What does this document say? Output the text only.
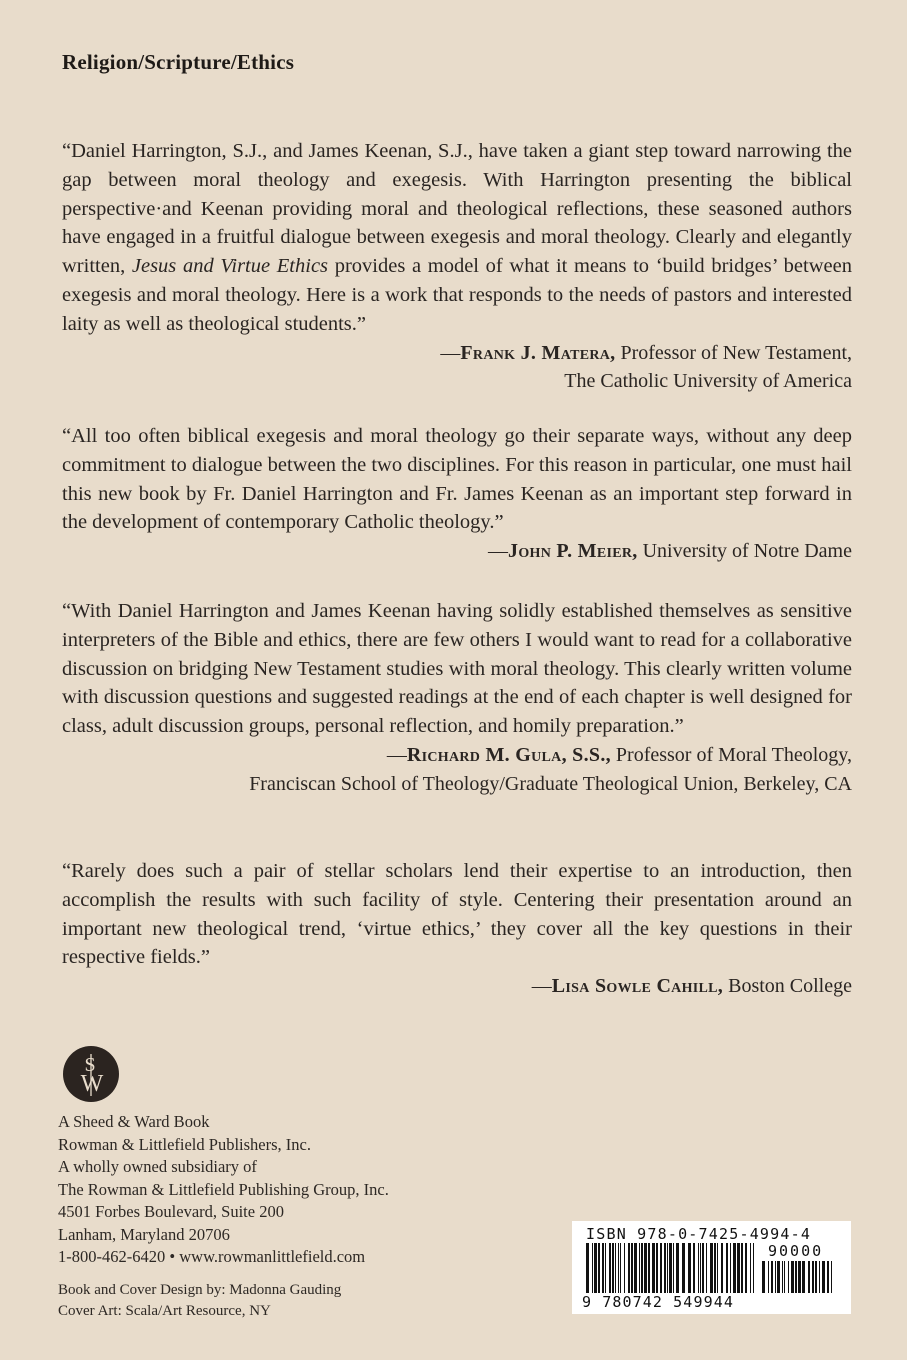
Religion/Scripture/Ethics

“Daniel Harrington, S.J., and James Keenan, S.J., have taken a giant step toward narrowing the gap between moral theology and exegesis. With Harrington presenting the biblical perspective·and Keenan providing moral and theological reflections, these seasoned authors have engaged in a fruitful dialogue between exegesis and moral theology. Clearly and elegantly written, Jesus and Virtue Ethics provides a model of what it means to ‘build bridges’ between exegesis and moral theology. Here is a work that responds to the needs of pastors and interested laity as well as theological students.”

—Frank J. Matera, Professor of New Testament,
The Catholic University of America

“All too often biblical exegesis and moral theology go their separate ways, without any deep commitment to dialogue between the two disciplines. For this reason in particular, one must hail this new book by Fr. Daniel Harrington and Fr. James Keenan as an important step forward in the development of contemporary Catholic theology.”

—John P. Meier, University of Notre Dame

“With Daniel Harrington and James Keenan having solidly established themselves as sensitive interpreters of the Bible and ethics, there are few others I would want to read for a collaborative discussion on bridging New Testament studies with moral theology. This clearly written volume with discussion questions and suggested readings at the end of each chapter is well designed for class, adult discussion groups, personal reflection, and homily preparation.”

—Richard M. Gula, S.S., Professor of Moral Theology,
Franciscan School of Theology/Graduate Theological Union, Berkeley, CA

“Rarely does such a pair of stellar scholars lend their expertise to an introduction, then accomplish the results with such facility of style. Centering their presentation around an important new theological trend, ‘virtue ethics,’ they cover all the key questions in their respective fields.”

—Lisa Sowle Cahill, Boston College
S
W
A Sheed & Ward Book
Rowman & Littlefield Publishers, Inc.
A wholly owned subsidiary of
The Rowman & Littlefield Publishing Group, Inc.
4501 Forbes Boulevard, Suite 200
Lanham, Maryland 20706
1-800-462-6420 • www.rowmanlittlefield.com
Book and Cover Design by: Madonna Gauding
Cover Art: Scala/Art Resource, NY
ISBN 978-0-7425-4994-4
90000
9 780742 549944
